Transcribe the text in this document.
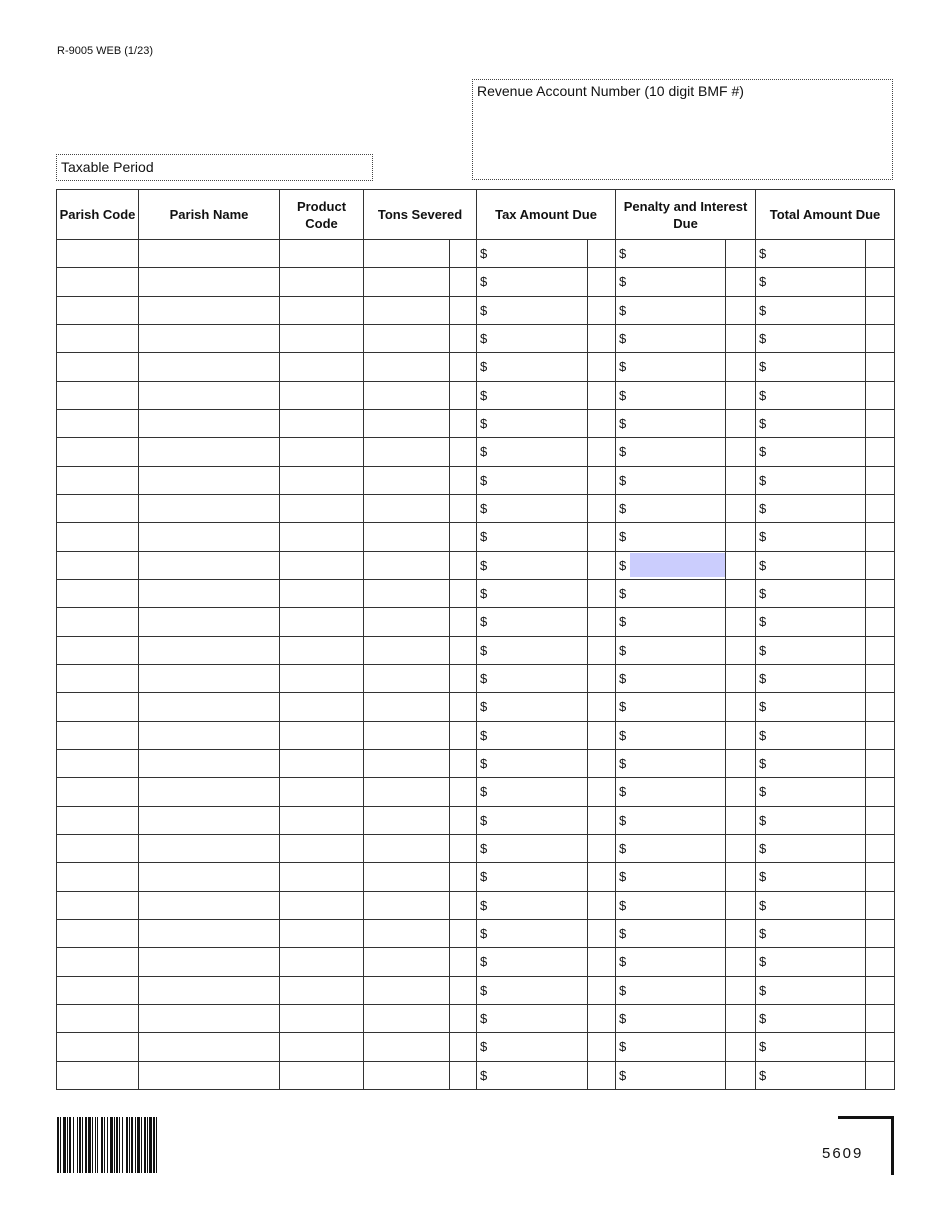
R-9005 WEB (1/23)
Revenue Account Number (10 digit BMF #)
Taxable Period
Parish Code	Parish Name	Product Code	Tons Severed		Tax Amount Due		Penalty and Interest Due		Total Amount Due	

					$		$		$	

					$		$		$	

					$		$		$	

					$		$		$	

					$		$		$	

					$		$		$	

					$		$		$	

					$		$		$	

					$		$		$	

					$		$		$	

					$		$		$	

					$		$		$	

					$		$		$	

					$		$		$	

					$		$		$	

					$		$		$	

					$		$		$	

					$		$		$	

					$		$		$	

					$		$		$	

					$		$		$	

					$		$		$	

					$		$		$	

					$		$		$	

					$		$		$	

					$		$		$	

					$		$		$	

					$		$		$	

					$		$		$	

					$		$		$	

5609
